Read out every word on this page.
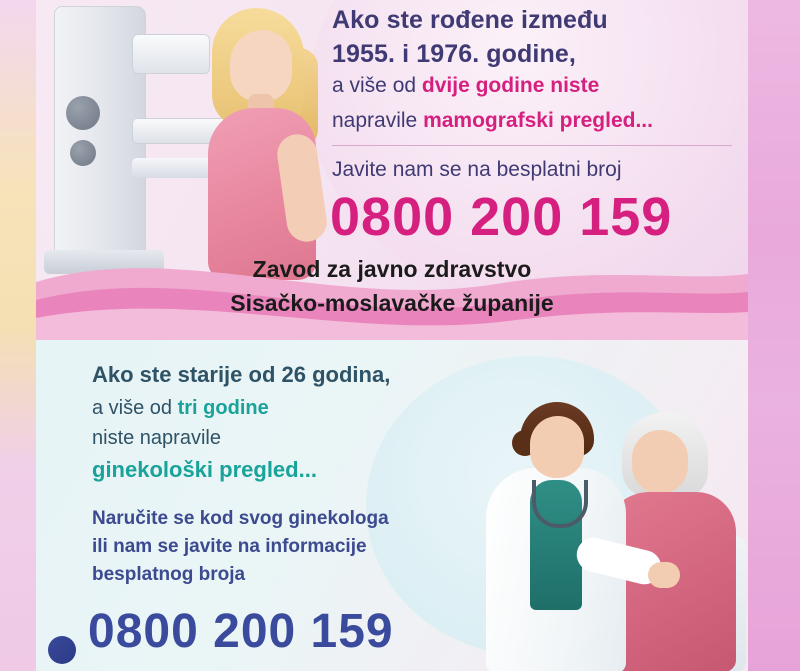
Ako ste rođene između
1955. i 1976. godine,
a više od dvije godine niste
napravile mamografski pregled...
Javite nam se na besplatni broj
0800 200 159
Zavod za javno zdravstvo
Sisačko-moslavačke županije
Ako ste starije od 26 godina,
a više od tri godine
niste napravile
ginekološki pregled...
Naručite se kod svog ginekologa
ili nam se javite na informacije
besplatnog broja
0800 200 159
